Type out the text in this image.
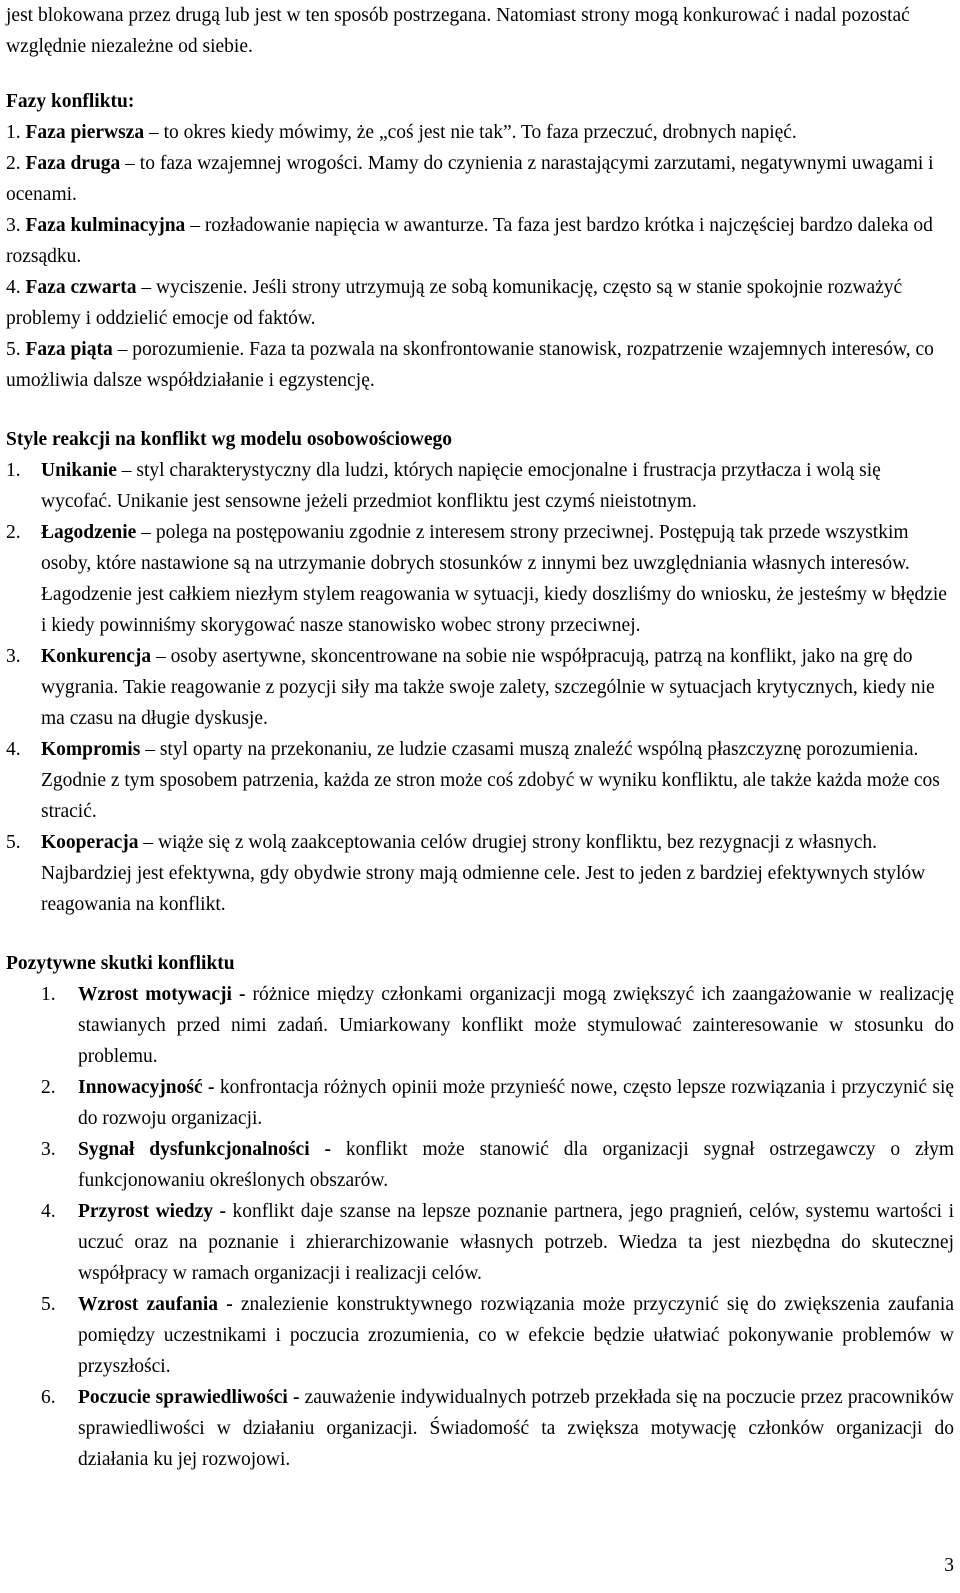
jest blokowana przez drugą lub jest w ten sposób postrzegana. Natomiast strony mogą konkurować i nadal pozostać względnie niezależne od siebie.

Fazy konfliktu:

1. Faza pierwsza – to okres kiedy mówimy, że „coś jest nie tak”. To faza przeczuć, drobnych napięć.

2. Faza druga – to faza wzajemnej wrogości. Mamy do czynienia z narastającymi zarzutami, negatywnymi uwagami i ocenami.

3. Faza kulminacyjna – rozładowanie napięcia w awanturze. Ta faza jest bardzo krótka i najczęściej bardzo daleka od rozsądku.

4. Faza czwarta – wyciszenie. Jeśli strony utrzymują ze sobą komunikację, często są w stanie spokojnie rozważyć problemy i oddzielić emocje od faktów.

5. Faza piąta – porozumienie. Faza ta pozwala na skonfrontowanie stanowisk, rozpatrzenie wzajemnych interesów, co umożliwia dalsze współdziałanie i egzystencję.

Style reakcji na konflikt wg modelu osobowościowego

1.	Unikanie – styl charakterystyczny dla ludzi, których napięcie emocjonalne i frustracja przytłacza i wolą się wycofać. Unikanie jest sensowne jeżeli przedmiot konfliktu jest czymś nieistotnym.
2.	Łagodzenie – polega na postępowaniu zgodnie z interesem strony przeciwnej. Postępują tak przede wszystkim osoby, które nastawione są na utrzymanie dobrych stosunków z innymi bez uwzględniania własnych interesów. Łagodzenie jest całkiem niezłym stylem reagowania w sytuacji, kiedy doszliśmy do wniosku, że jesteśmy w błędzie i kiedy powinniśmy skorygować nasze stanowisko wobec strony przeciwnej.
3.	Konkurencja – osoby asertywne, skoncentrowane na sobie nie współpracują, patrzą na konflikt, jako na grę do wygrania. Takie reagowanie z pozycji siły ma także swoje zalety, szczególnie w sytuacjach krytycznych, kiedy nie ma czasu na długie dyskusje.
4.	Kompromis – styl oparty na przekonaniu, ze ludzie czasami muszą znaleźć wspólną płaszczyznę porozumienia. Zgodnie z tym sposobem patrzenia, każda ze stron może coś zdobyć w wyniku konfliktu, ale także każda może cos stracić.
5.	Kooperacja – wiąże się z wolą zaakceptowania celów drugiej strony konfliktu, bez rezygnacji z własnych. Najbardziej jest efektywna, gdy obydwie strony mają odmienne cele. Jest to jeden z bardziej efektywnych stylów reagowania na konflikt.

Pozytywne skutki konfliktu

1.	Wzrost motywacji - różnice między członkami organizacji mogą zwiększyć ich zaangażowanie w realizację stawianych przed nimi zadań. Umiarkowany konflikt może stymulować zainteresowanie w stosunku do problemu.
2.	Innowacyjność - konfrontacja różnych opinii może przynieść nowe, często lepsze rozwiązania i przyczynić się do rozwoju organizacji.
3.	Sygnał dysfunkcjonalności - konflikt może stanowić dla organizacji sygnał ostrzegawczy o złym funkcjonowaniu określonych obszarów.
4.	Przyrost wiedzy - konflikt daje szanse na lepsze poznanie partnera, jego pragnień, celów, systemu wartości i uczuć oraz na poznanie i zhierarchizowanie własnych potrzeb. Wiedza ta jest niezbędna do skutecznej współpracy w ramach organizacji i realizacji celów.
5.	Wzrost zaufania - znalezienie konstruktywnego rozwiązania może przyczynić się do zwiększenia zaufania pomiędzy uczestnikami i poczucia zrozumienia, co w efekcie będzie ułatwiać pokonywanie problemów w przyszłości.
6.	Poczucie sprawiedliwości - zauważenie indywidualnych potrzeb przekłada się na poczucie przez pracowników sprawiedliwości w działaniu organizacji. Świadomość ta zwiększa motywację członków organizacji do działania ku jej rozwojowi.
3
